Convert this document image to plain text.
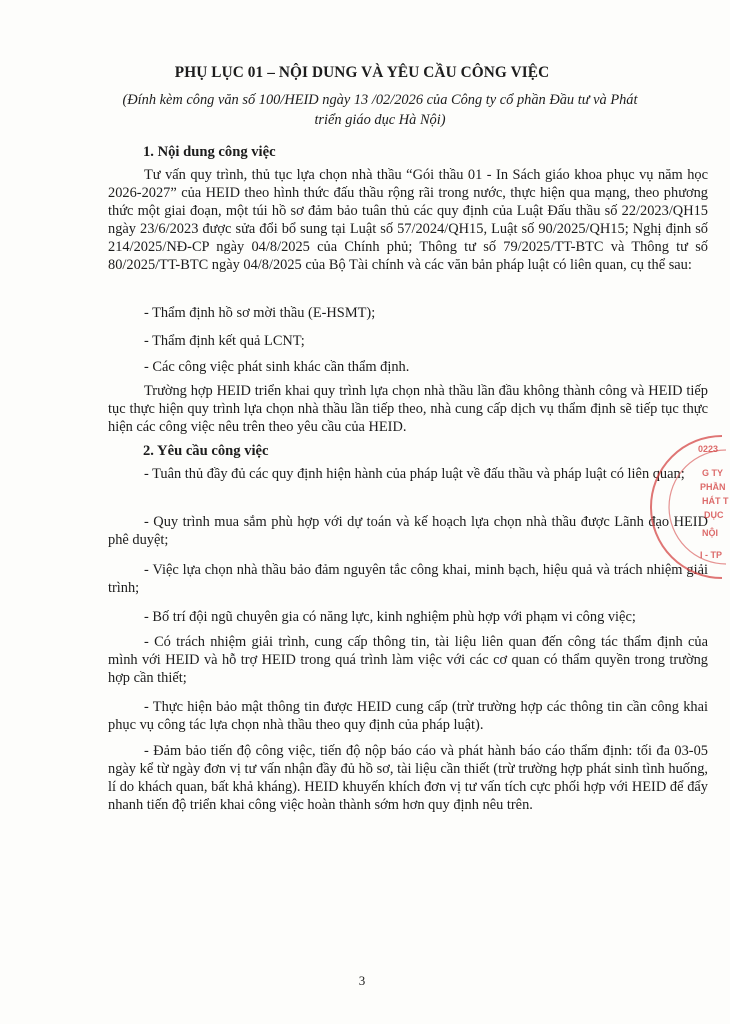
PHỤ LỤC 01 – NỘI DUNG VÀ YÊU CẦU CÔNG VIỆC
(Đính kèm công văn số 100/HEID ngày 13 /02/2026 của Công ty cổ phần Đầu tư và Phát triển giáo dục Hà Nội)
1. Nội dung công việc
Tư vấn quy trình, thủ tục lựa chọn nhà thầu “Gói thầu 01 - In Sách giáo khoa phục vụ năm học 2026-2027” của HEID theo hình thức đấu thầu rộng rãi trong nước, thực hiện qua mạng, theo phương thức một giai đoạn, một túi hồ sơ đảm bảo tuân thủ các quy định của Luật Đấu thầu số 22/2023/QH15 ngày 23/6/2023 được sửa đổi bổ sung tại Luật số 57/2024/QH15, Luật số 90/2025/QH15; Nghị định số 214/2025/NĐ-CP ngày 04/8/2025 của Chính phủ; Thông tư số 79/2025/TT-BTC và Thông tư số 80/2025/TT-BTC ngày 04/8/2025 của Bộ Tài chính và các văn bản pháp luật có liên quan, cụ thể sau:
- Thẩm định hồ sơ mời thầu (E-HSMT);
- Thẩm định kết quả LCNT;
- Các công việc phát sinh khác cần thẩm định.
Trường hợp HEID triển khai quy trình lựa chọn nhà thầu lần đầu không thành công và HEID tiếp tục thực hiện quy trình lựa chọn nhà thầu lần tiếp theo, nhà cung cấp dịch vụ thẩm định sẽ tiếp tục thực hiện các công việc nêu trên theo yêu cầu của HEID.
2. Yêu cầu công việc
- Tuân thủ đầy đủ các quy định hiện hành của pháp luật về đấu thầu và pháp luật có liên quan;
- Quy trình mua sắm phù hợp với dự toán và kế hoạch lựa chọn nhà thầu được Lãnh đạo HEID phê duyệt;
- Việc lựa chọn nhà thầu bảo đảm nguyên tắc công khai, minh bạch, hiệu quả và trách nhiệm giải trình;
- Bố trí đội ngũ chuyên gia có năng lực, kinh nghiệm phù hợp với phạm vi công việc;
- Có trách nhiệm giải trình, cung cấp thông tin, tài liệu liên quan đến công tác thẩm định của mình với HEID và hỗ trợ HEID trong quá trình làm việc với các cơ quan có thẩm quyền trong trường hợp cần thiết;
- Thực hiện bảo mật thông tin được HEID cung cấp (trừ trường hợp các thông tin cần công khai phục vụ công tác lựa chọn nhà thầu theo quy định của pháp luật).
- Đảm bảo tiến độ công việc, tiến độ nộp báo cáo và phát hành báo cáo thẩm định: tối đa 03-05 ngày kể từ ngày đơn vị tư vấn nhận đầy đủ hồ sơ, tài liệu cần thiết (trừ trường hợp phát sinh tình huống, lí do khách quan, bất khả kháng). HEID khuyến khích đơn vị tư vấn tích cực phối hợp với HEID để đẩy nhanh tiến độ triển khai công việc hoàn thành sớm hơn quy định nêu trên.
0223
G TY
PHẦN
HÁT T
DỤC
NỘI
I - TP
3
